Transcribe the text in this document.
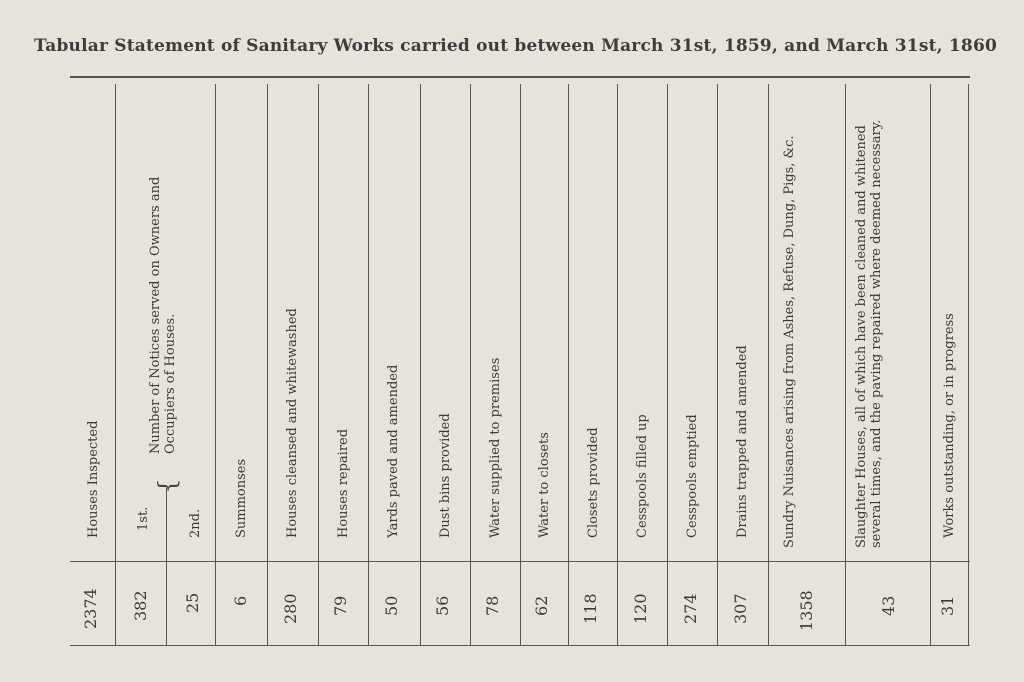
Tabular Statement of Sanitary Works carried out between March 31st, 1859, and March 31st, 1860
Houses Inspected
2374
1st.
382
2nd.
25
{
Number of Notices served on Owners and Occupiers of Houses.
Summonses
6
Houses cleansed and whitewashed
280
Houses repaired
79
Yards paved and amended
50
Dust bins provided
56
Water supplied to premises
78
Water to closets
62
Closets provided
118
Cesspools filled up
120
Cesspools emptied
274
Drains trapped and amended
307
Sundry Nuisances arising from Ashes, Refuse, Dung, Pigs, &c.
1358
Slaughter Houses, all of which have been cleaned and whitened several times, and the paving repaired where deemed necessary.
43
Works outstanding, or in progress
31
